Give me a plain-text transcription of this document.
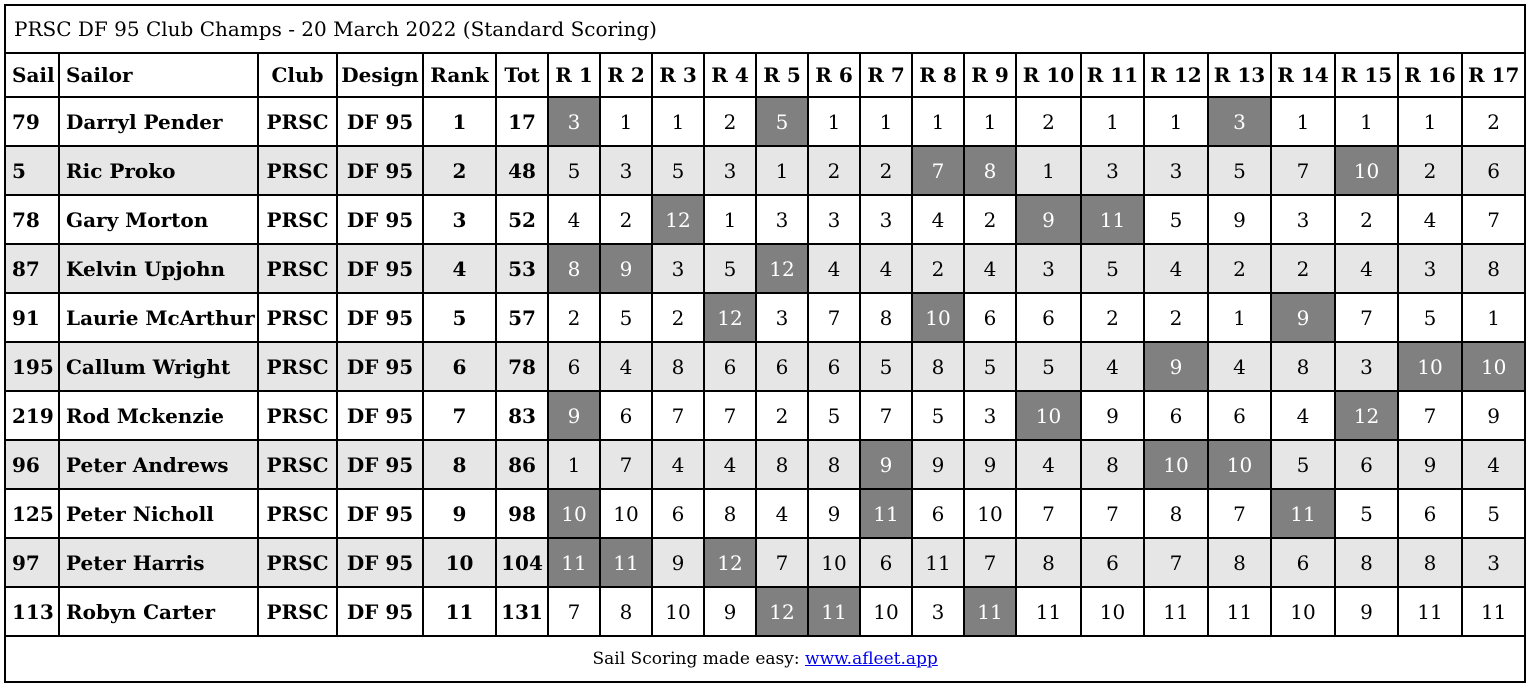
PRSC DF 95 Club Champs - 20 March 2022 (Standard Scoring)																						
Sail	Sailor	Club	Design	Rank	Tot	R 1	R 2	R 3	R 4	R 5	R 6	R 7	R 8	R 9	R 10	R 11	R 12	R 13	R 14	R 15	R 16	R 17
79	Darryl Pender	PRSC	DF 95	1	17	3	1	1	2	5	1	1	1	1	2	1	1	3	1	1	1	2
5	Ric Proko	PRSC	DF 95	2	48	5	3	5	3	1	2	2	7	8	1	3	3	5	7	10	2	6
78	Gary Morton	PRSC	DF 95	3	52	4	2	12	1	3	3	3	4	2	9	11	5	9	3	2	4	7
87	Kelvin Upjohn	PRSC	DF 95	4	53	8	9	3	5	12	4	4	2	4	3	5	4	2	2	4	3	8
91	Laurie McArthur	PRSC	DF 95	5	57	2	5	2	12	3	7	8	10	6	6	2	2	1	9	7	5	1
195	Callum Wright	PRSC	DF 95	6	78	6	4	8	6	6	6	5	8	5	5	4	9	4	8	3	10	10
219	Rod Mckenzie	PRSC	DF 95	7	83	9	6	7	7	2	5	7	5	3	10	9	6	6	4	12	7	9
96	Peter Andrews	PRSC	DF 95	8	86	1	7	4	4	8	8	9	9	9	4	8	10	10	5	6	9	4
125	Peter Nicholl	PRSC	DF 95	9	98	10	10	6	8	4	9	11	6	10	7	7	8	7	11	5	6	5
97	Peter Harris	PRSC	DF 95	10	104	11	11	9	12	7	10	6	11	7	8	6	7	8	6	8	8	3
113	Robyn Carter	PRSC	DF 95	11	131	7	8	10	9	12	11	10	3	11	11	10	11	11	10	9	11	11
Sail Scoring made easy: www.afleet.app																						
